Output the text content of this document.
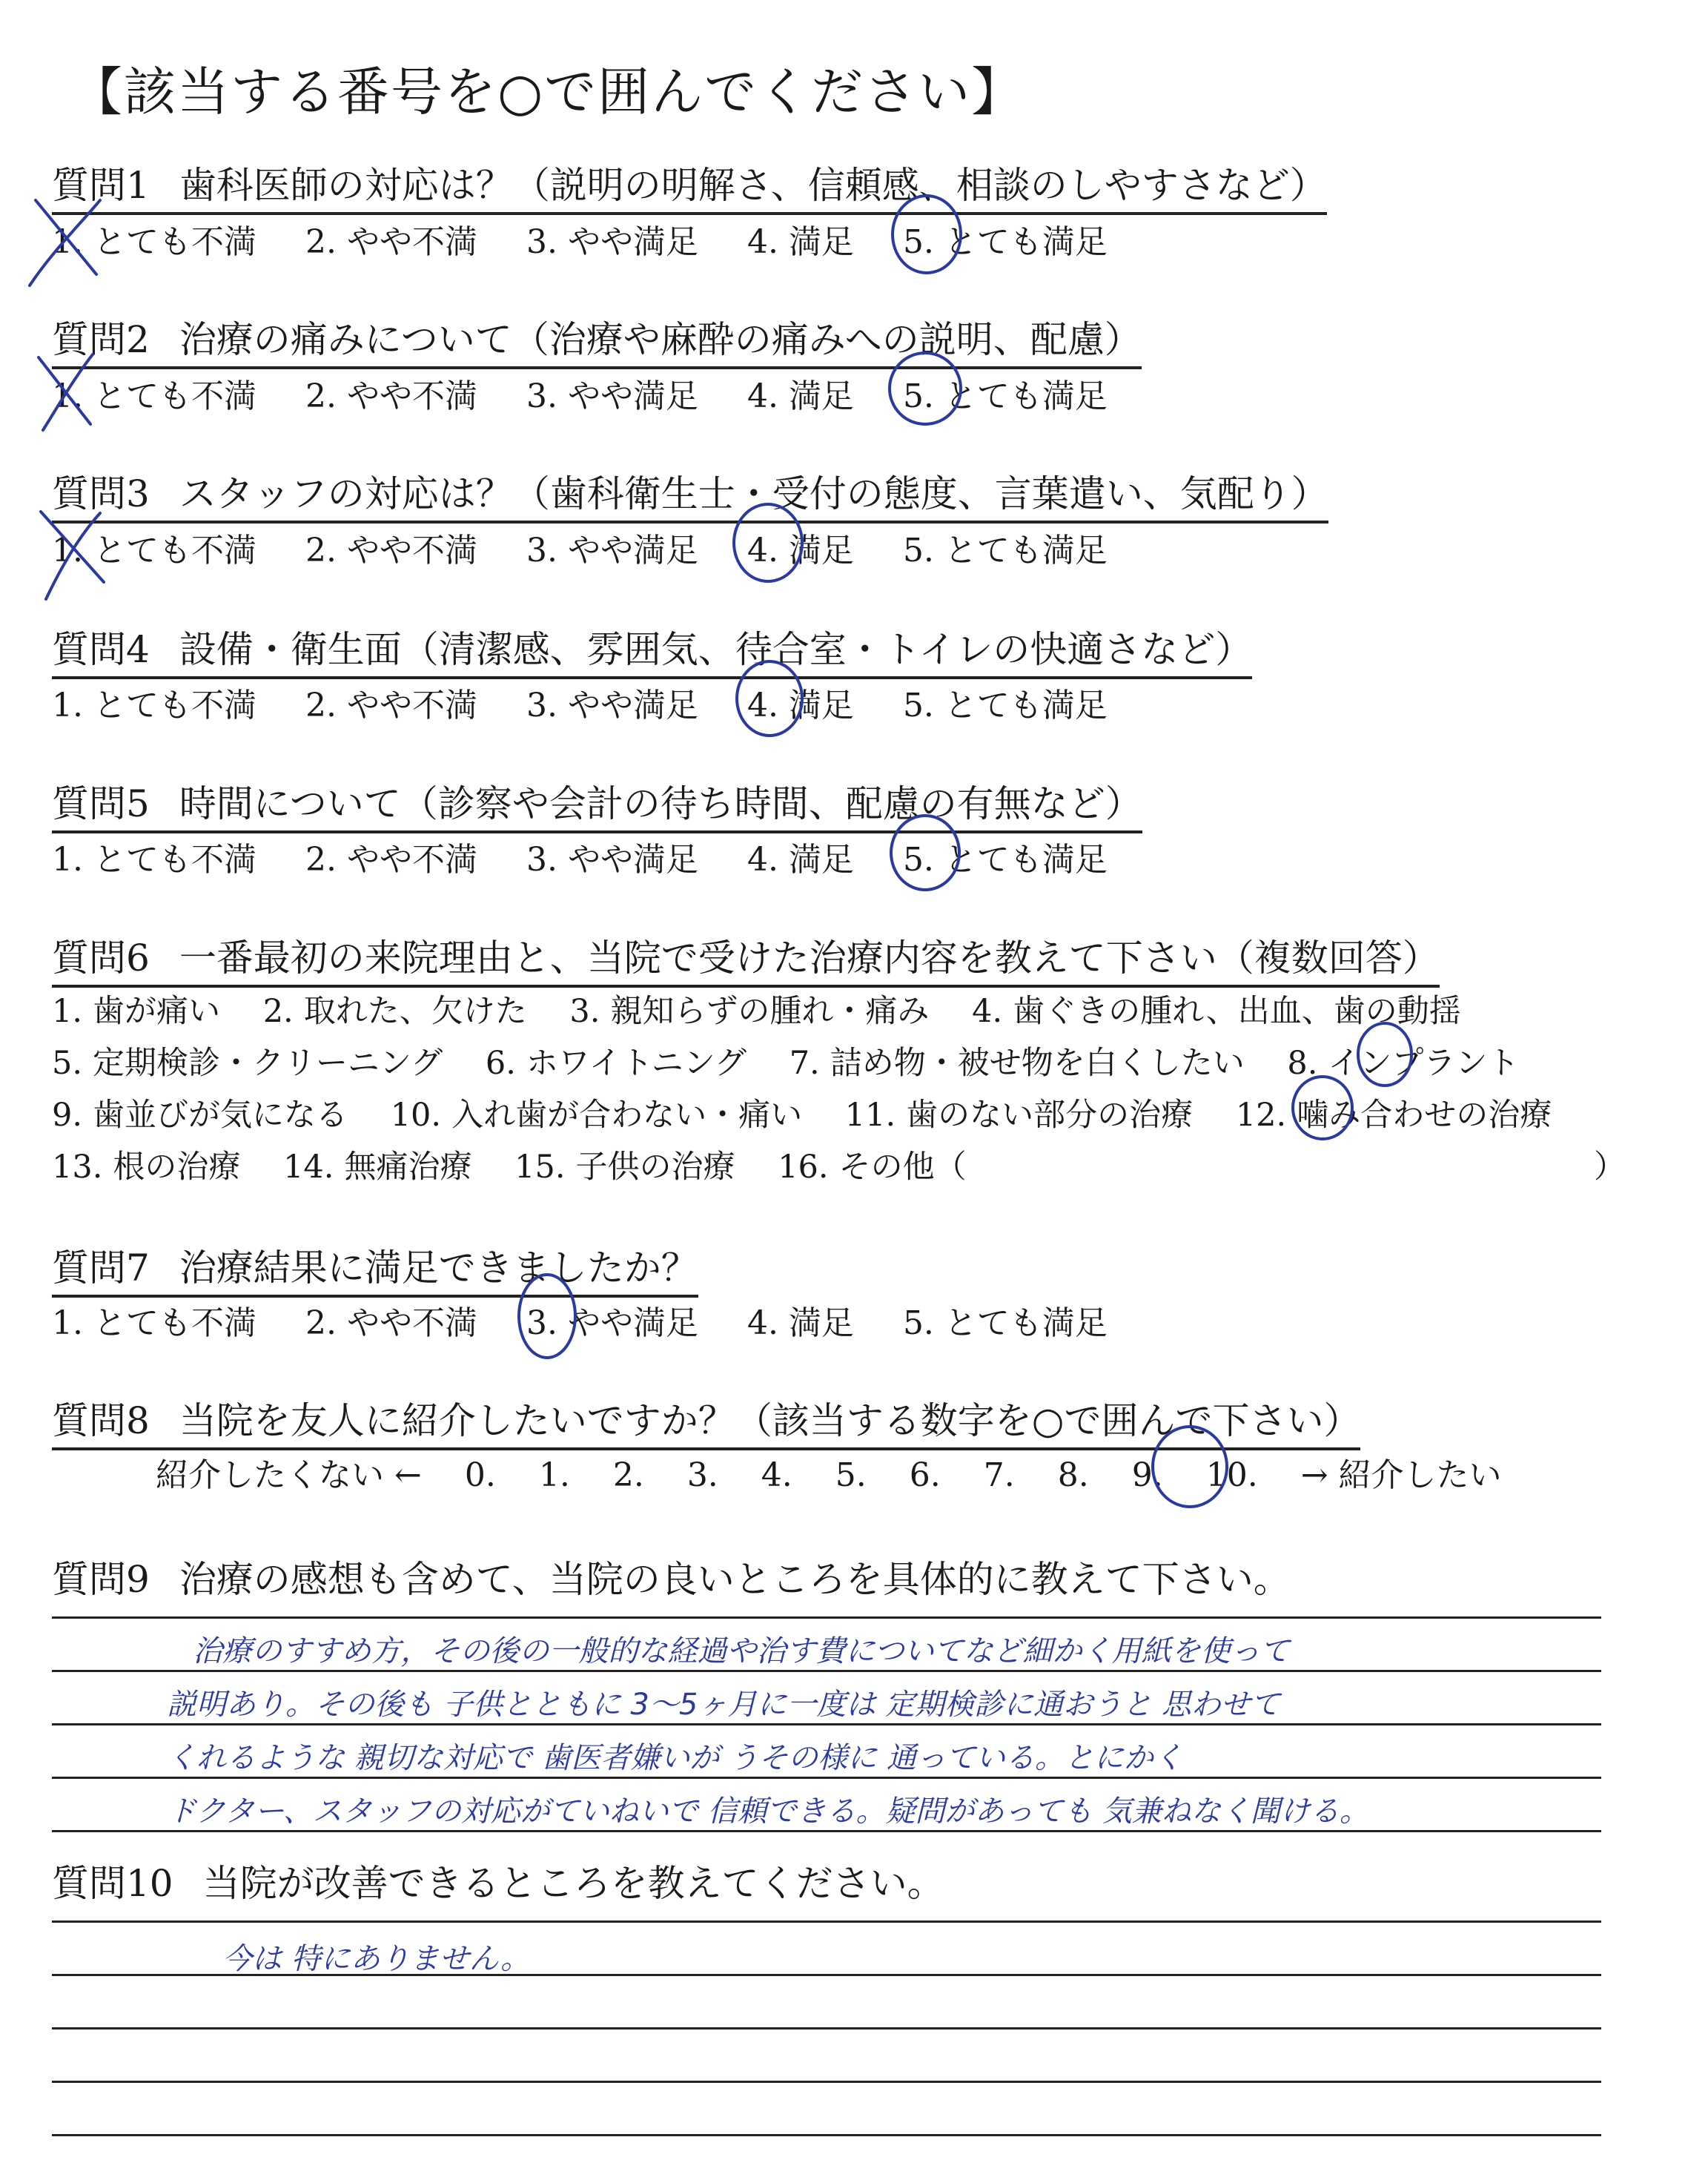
【該当する番号を○で囲んでください】
質問1 歯科医師の対応は？（説明の明解さ、信頼感、相談のしやすさなど）
1. とても不満 2. やや不満 3. やや満足 4. 満足 5. とても満足
質問2 治療の痛みについて（治療や麻酔の痛みへの説明、配慮）
1. とても不満 2. やや不満 3. やや満足 4. 満足 5. とても満足
質問3 スタッフの対応は？（歯科衛生士・受付の態度、言葉遣い、気配り）
1. とても不満 2. やや不満 3. やや満足 4. 満足 5. とても満足
質問4 設備・衛生面（清潔感、雰囲気、待合室・トイレの快適さなど）
1. とても不満 2. やや不満 3. やや満足 4. 満足 5. とても満足
質問5 時間について（診察や会計の待ち時間、配慮の有無など）
1. とても不満 2. やや不満 3. やや満足 4. 満足 5. とても満足
質問6 一番最初の来院理由と、当院で受けた治療内容を教えて下さい（複数回答）
1. 歯が痛い 2. 取れた、欠けた 3. 親知らずの腫れ・痛み 4. 歯ぐきの腫れ、出血、歯の動揺
5. 定期検診・クリーニング 6. ホワイトニング 7. 詰め物・被せ物を白くしたい 8. インプラント
9. 歯並びが気になる 10. 入れ歯が合わない・痛い 11. 歯のない部分の治療 12. 噛み合わせの治療
13. 根の治療 14. 無痛治療 15. 子供の治療 16. その他（	）
質問7 治療結果に満足できましたか？
1. とても不満 2. やや不満 3. やや満足 4. 満足 5. とても満足
質問8 当院を友人に紹介したいですか？（該当する数字を○で囲んで下さい）
紹介したくない ← 0. 1. 2. 3. 4. 5. 6. 7. 8. 9. 10. → 紹介したい
質問9 治療の感想も含めて、当院の良いところを具体的に教えて下さい。
治療のすすめ方，その後の一般的な経過や治す費についてなど細かく用紙を使って
説明あり。その後も 子供とともに 3～5ヶ月に一度は 定期検診に通おうと 思わせて
くれるような 親切な対応で 歯医者嫌いが うその様に 通っている。とにかく
ドクター、スタッフの対応がていねいで 信頼できる。疑問があっても 気兼ねなく聞ける。
質問10 当院が改善できるところを教えてください。
今は 特にありません。
